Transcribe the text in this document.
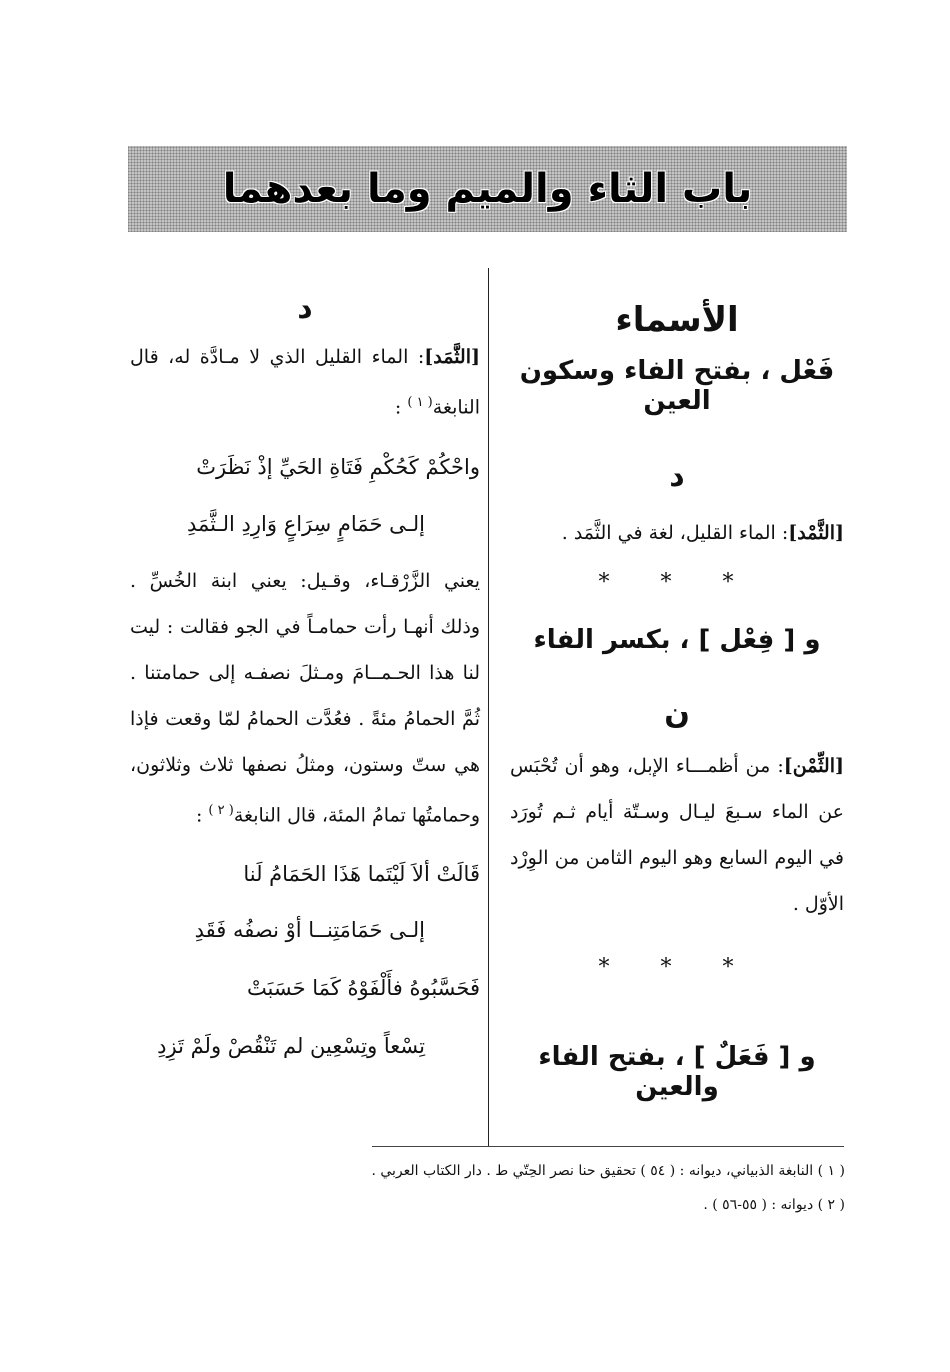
باب الثاء والميم وما بعدهما
الأسماء
فَعْل ، بفتح الفاء وسكون العين
د
[الثَّمْد]: الماء القليل، لغة في الثَّمَد .
* * *
و [ فِعْل ] ، بكسر الفاء
ن
[الثِّمْن]: من أظمـــاء الإبل، وهو أن تُحْبَس عن الماء سـبعَ ليـال وسـتّة أيام ثـم تُورَد في اليوم السابع وهو اليوم الثامن من الوِرْد الأوّل .
* * *
و [ فَعَلٌ ] ، بفتح الفاء والعين
د
[الثَّمَد]: الماء القليل الذي لا مـادَّة له، قال النابغة$^{( ١ )}$ :
واحْكُمْ كَحُكْمِ فَتَاةِ الحَيِّ إذْ نَظَرَتْ
إلـى حَمَامٍ سِرَاعٍ وَارِدِ الـثَّمَدِ
يعني الزَّرْقـاء، وقـيل: يعني ابنة الخُسِّ . وذلك أنهـا رأت حمامـاً في الجو فقالت : ليت لنا هذا الحـمــامَ ومـثلَ نصفـه إلى حمامتنا . ثُمَّ الحمامُ مئةً . فعُدَّت الحمامُ لمّا وقعت فإذا هي ستّ وستون، ومثلُ نصفها ثلاث وثلاثون، وحمامتُها تمامُ المئة، قال النابغة$^{( ٢ )}$ :
قَالَتْ ألاَ لَيْتَما هَذَا الحَمَامُ لَنا
إلـى حَمَامَتِنــا أوْ نصفُه فَقَدِ
فَحَسَّبُوهُ فأَلْفَوْهُ كَمَا حَسَبَتْ
تِسْعاً وتِسْعِين لم تَنْقُصْ ولَمْ تَزِدِ
( ١ ) النابغة الذبياني، ديوانه : ( ٥٤ ) تحقيق حنا نصر الحِتّي ط . دار الكتاب العربي .
( ٢ ) ديوانه : ( ٥٥-٥٦ ) .
